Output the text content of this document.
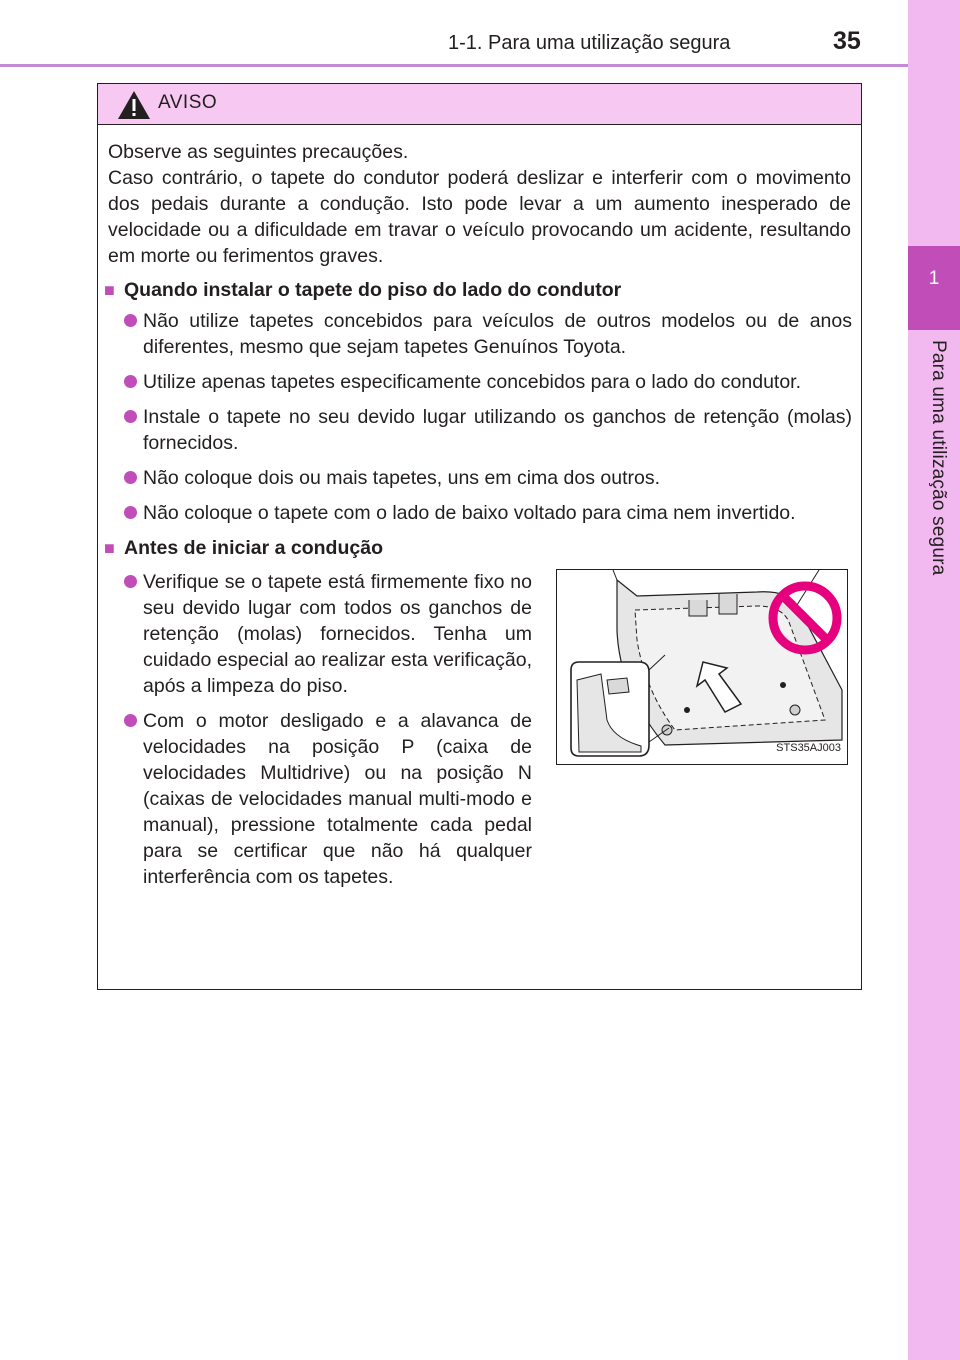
1-1. Para uma utilização segura	35
1
Para uma utilização segura
AVISO
Observe as seguintes precauções.
Caso contrário, o tapete do condutor poderá deslizar e interferir com o movimento dos pedais durante a condução. Isto pode levar a um aumento inesperado de velocidade ou a dificuldade em travar o veículo provocando um acidente, resultando em morte ou ferimentos graves.
■ Quando instalar o tapete do piso do lado do condutor
Não utilize tapetes concebidos para veículos de outros modelos ou de anos diferentes, mesmo que sejam tapetes Genuínos Toyota.
Utilize apenas tapetes especificamente concebidos para o lado do condutor.
Instale o tapete no seu devido lugar utilizando os ganchos de retenção (molas) fornecidos.
Não coloque dois ou mais tapetes, uns em cima dos outros.
Não coloque o tapete com o lado de baixo voltado para cima nem invertido.
■ Antes de iniciar a condução
Verifique se o tapete está firmemente fixo no seu devido lugar com todos os ganchos de retenção (molas) fornecidos. Tenha um cuidado especial ao realizar esta verificação, após a limpeza do piso.
Com o motor desligado e a alavanca de velocidades na posição P (caixa de velocidades Multidrive) ou na posição N (caixas de velocidades manual multi-modo e manual), pressione totalmente cada pedal para se certificar que não há qualquer interferência com os tapetes.
STS35AJ003
